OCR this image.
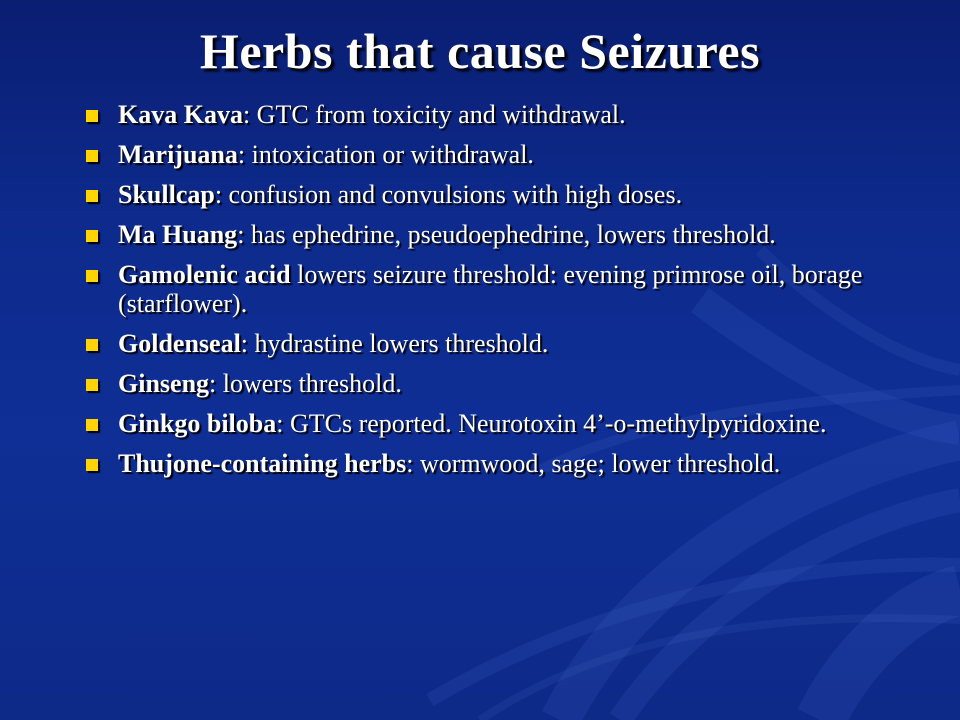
Herbs that cause Seizures
Kava Kava: GTC from toxicity and withdrawal.
Marijuana: intoxication or withdrawal.
Skullcap: confusion and convulsions with high doses.
Ma Huang: has ephedrine, pseudoephedrine, lowers threshold.
Gamolenic acid lowers seizure threshold: evening primrose oil, borage (starflower).
Goldenseal: hydrastine lowers threshold.
Ginseng: lowers threshold.
Ginkgo biloba: GTCs reported. Neurotoxin 4’-o-methylpyridoxine.
Thujone-containing herbs: wormwood, sage; lower threshold.
